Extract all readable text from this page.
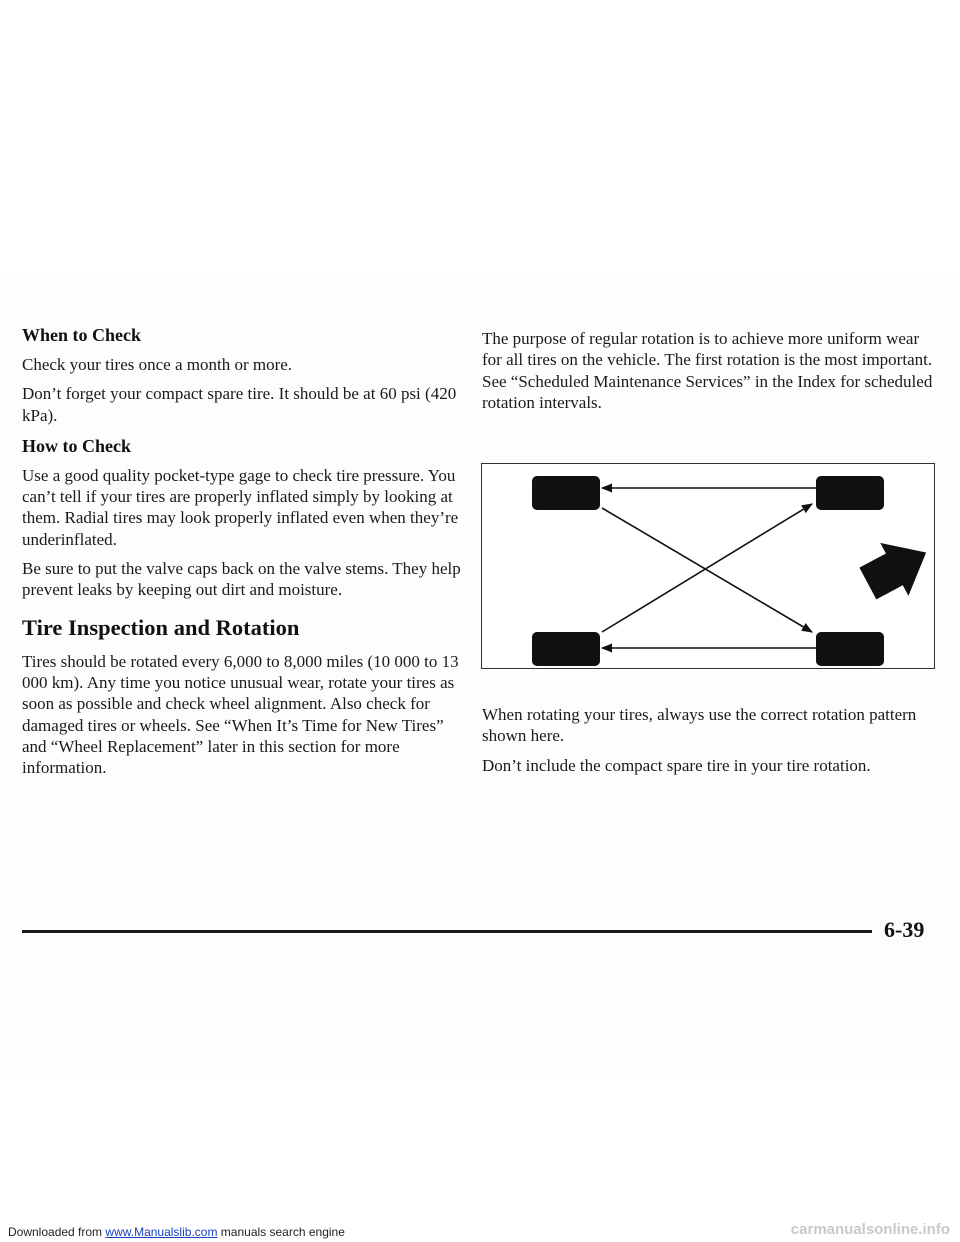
When to Check

Check your tires once a month or more.

Don’t forget your compact spare tire. It should be at 60 psi (420 kPa).

How to Check

Use a good quality pocket-type gage to check tire pressure. You can’t tell if your tires are properly inflated simply by looking at them. Radial tires may look properly inflated even when they’re underinflated.

Be sure to put the valve caps back on the valve stems. They help prevent leaks by keeping out dirt and moisture.

Tire Inspection and Rotation

Tires should be rotated every 6,000 to 8,000 miles (10 000 to 13 000 km). Any time you notice unusual wear, rotate your tires as soon as possible and check wheel alignment. Also check for damaged tires or wheels. See “When It’s Time for New Tires” and “Wheel Replacement” later in this section for more information.

The purpose of regular rotation is to achieve more uniform wear for all tires on the vehicle. The first rotation is the most important. See “Scheduled Maintenance Services” in the Index for scheduled rotation intervals.

When rotating your tires, always use the correct rotation pattern shown here.

Don’t include the compact spare tire in your tire rotation.

6-39
Downloaded from www.Manualslib.com manuals search engine	carmanualsonline.info
